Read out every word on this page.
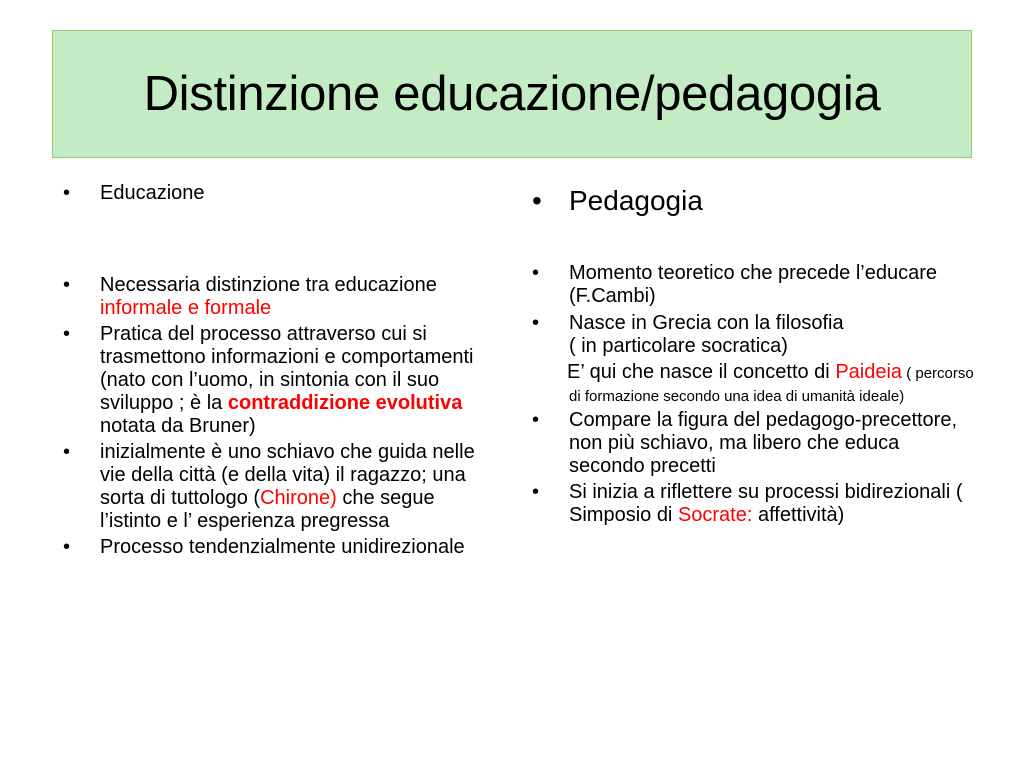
Distinzione educazione/pedagogia
• Educazione
• Necessaria distinzione tra educazione informale e formale
• Pratica del processo attraverso cui si trasmettono informazioni e comportamenti (nato con l’uomo, in sintonia con il suo sviluppo ; è la contraddizione evolutiva notata da Bruner)
• inizialmente è uno schiavo che guida nelle vie della città (e della vita) il ragazzo; una sorta di tuttologo (Chirone) che segue l’istinto e l’ esperienza pregressa
• Processo tendenzialmente unidirezionale
• Pedagogia
• Momento teoretico che precede l’educare (F.Cambi)
• Nasce in Grecia con la filosofia
( in particolare socratica)
E’ qui che nasce il concetto di Paideia ( percorso di formazione secondo una idea di umanità ideale)
• Compare la figura del pedagogo-precettore, non più schiavo, ma libero che educa secondo precetti
• Si inizia a riflettere su processi bidirezionali ( Simposio di Socrate: affettività)
